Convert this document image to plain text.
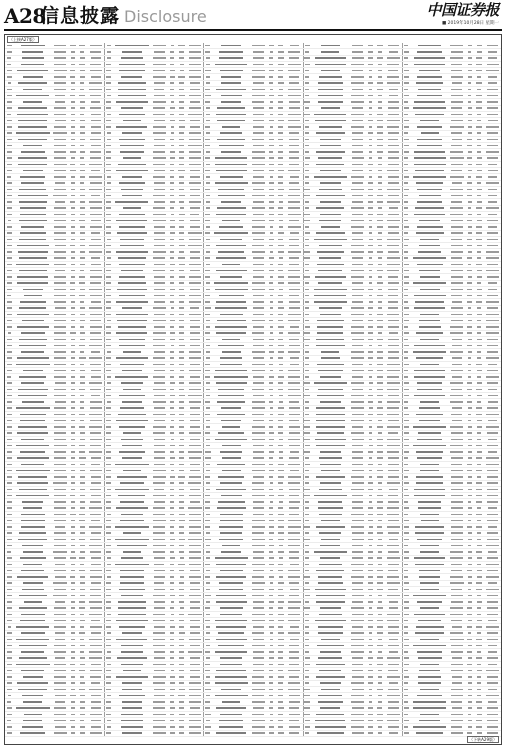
A28
信息披露 Disclosure	中国证券报
■ 2019年10月28日 星期一
（上接A27版）
（下转A29版）
